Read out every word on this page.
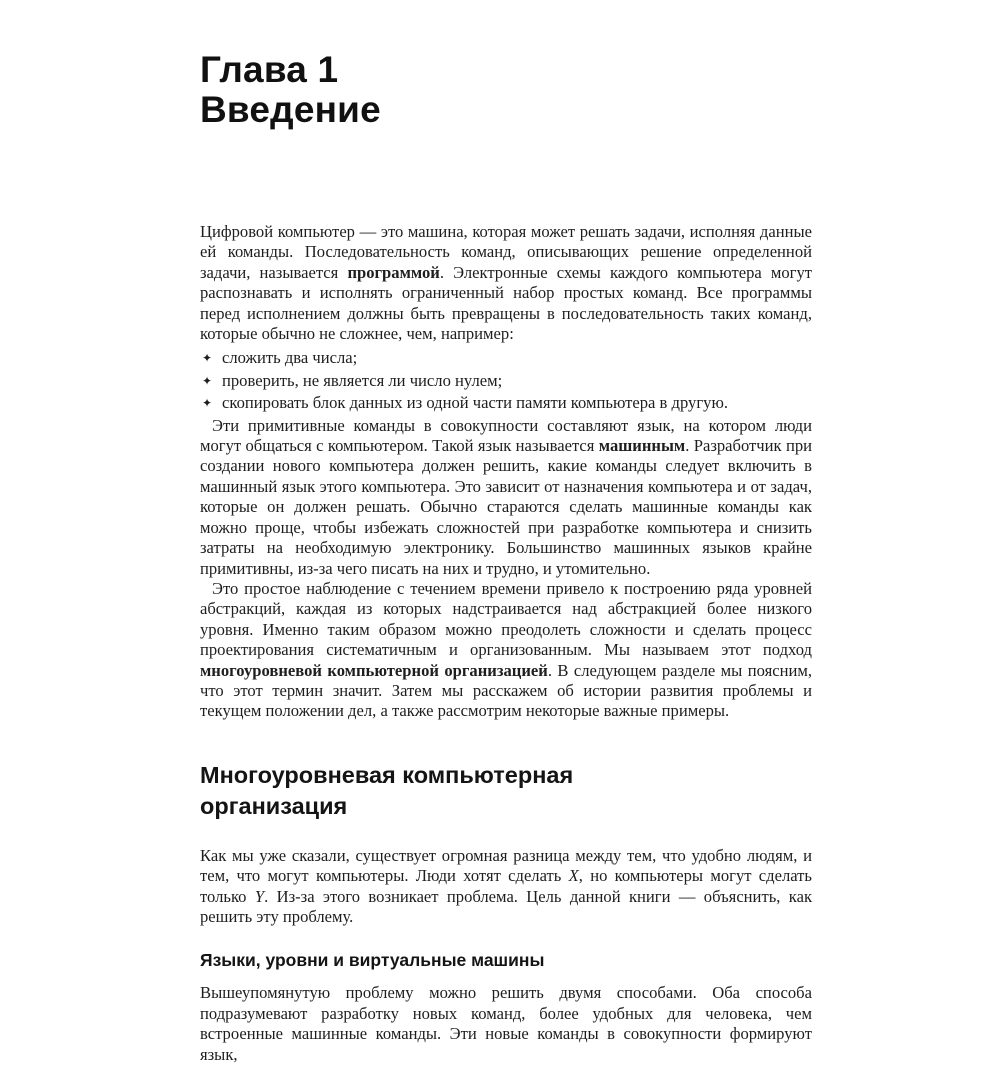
Глава 1
Введение

Цифровой компьютер — это машина, которая может решать задачи, исполняя данные ей команды. Последовательность команд, описывающих решение определенной задачи, называется программой. Электронные схемы каждого компьютера могут распознавать и исполнять ограниченный набор простых команд. Все программы перед исполнением должны быть превращены в последовательность таких команд, которые обычно не сложнее, чем, например:

✦ сложить два числа;
✦ проверить, не является ли число нулем;
✦ скопировать блок данных из одной части памяти компьютера в другую.

Эти примитивные команды в совокупности составляют язык, на котором люди могут общаться с компьютером. Такой язык называется машинным. Разработчик при создании нового компьютера должен решить, какие команды следует включить в машинный язык этого компьютера. Это зависит от назначения компьютера и от задач, которые он должен решать. Обычно стараются сделать машинные команды как можно проще, чтобы избежать сложностей при разработке компьютера и снизить затраты на необходимую электронику. Большинство машинных языков крайне примитивны, из-за чего писать на них и трудно, и утомительно.

Это простое наблюдение с течением времени привело к построению ряда уровней абстракций, каждая из которых надстраивается над абстракцией более низкого уровня. Именно таким образом можно преодолеть сложности и сделать процесс проектирования систематичным и организованным. Мы называем этот подход многоуровневой компьютерной организацией. В следующем разделе мы поясним, что этот термин значит. Затем мы расскажем об истории развития проблемы и текущем положении дел, а также рассмотрим некоторые важные примеры.

Многоуровневая компьютерная
организация

Как мы уже сказали, существует огромная разница между тем, что удобно людям, и тем, что могут компьютеры. Люди хотят сделать X, но компьютеры могут сделать только Y. Из-за этого возникает проблема. Цель данной книги — объяснить, как решить эту проблему.

Языки, уровни и виртуальные машины

Вышеупомянутую проблему можно решить двумя способами. Оба способа подразумевают разработку новых команд, более удобных для человека, чем встроенные машинные команды. Эти новые команды в совокупности формируют язык,
